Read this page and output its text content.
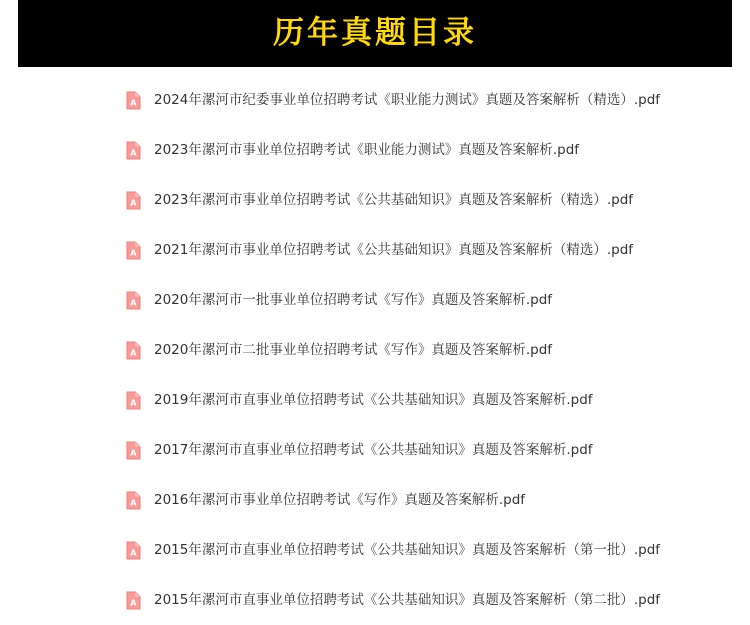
历年真题目录
A 2024年漯河市纪委事业单位招聘考试《职业能力测试》真题及答案解析（精选）.pdf
A 2023年漯河市事业单位招聘考试《职业能力测试》真题及答案解析.pdf
A 2023年漯河市事业单位招聘考试《公共基础知识》真题及答案解析（精选）.pdf
A 2021年漯河市事业单位招聘考试《公共基础知识》真题及答案解析（精选）.pdf
A 2020年漯河市一批事业单位招聘考试《写作》真题及答案解析.pdf
A 2020年漯河市二批事业单位招聘考试《写作》真题及答案解析.pdf
A 2019年漯河市直事业单位招聘考试《公共基础知识》真题及答案解析.pdf
A 2017年漯河市直事业单位招聘考试《公共基础知识》真题及答案解析.pdf
A 2016年漯河市事业单位招聘考试《写作》真题及答案解析.pdf
A 2015年漯河市直事业单位招聘考试《公共基础知识》真题及答案解析（第一批）.pdf
A 2015年漯河市直事业单位招聘考试《公共基础知识》真题及答案解析（第二批）.pdf
